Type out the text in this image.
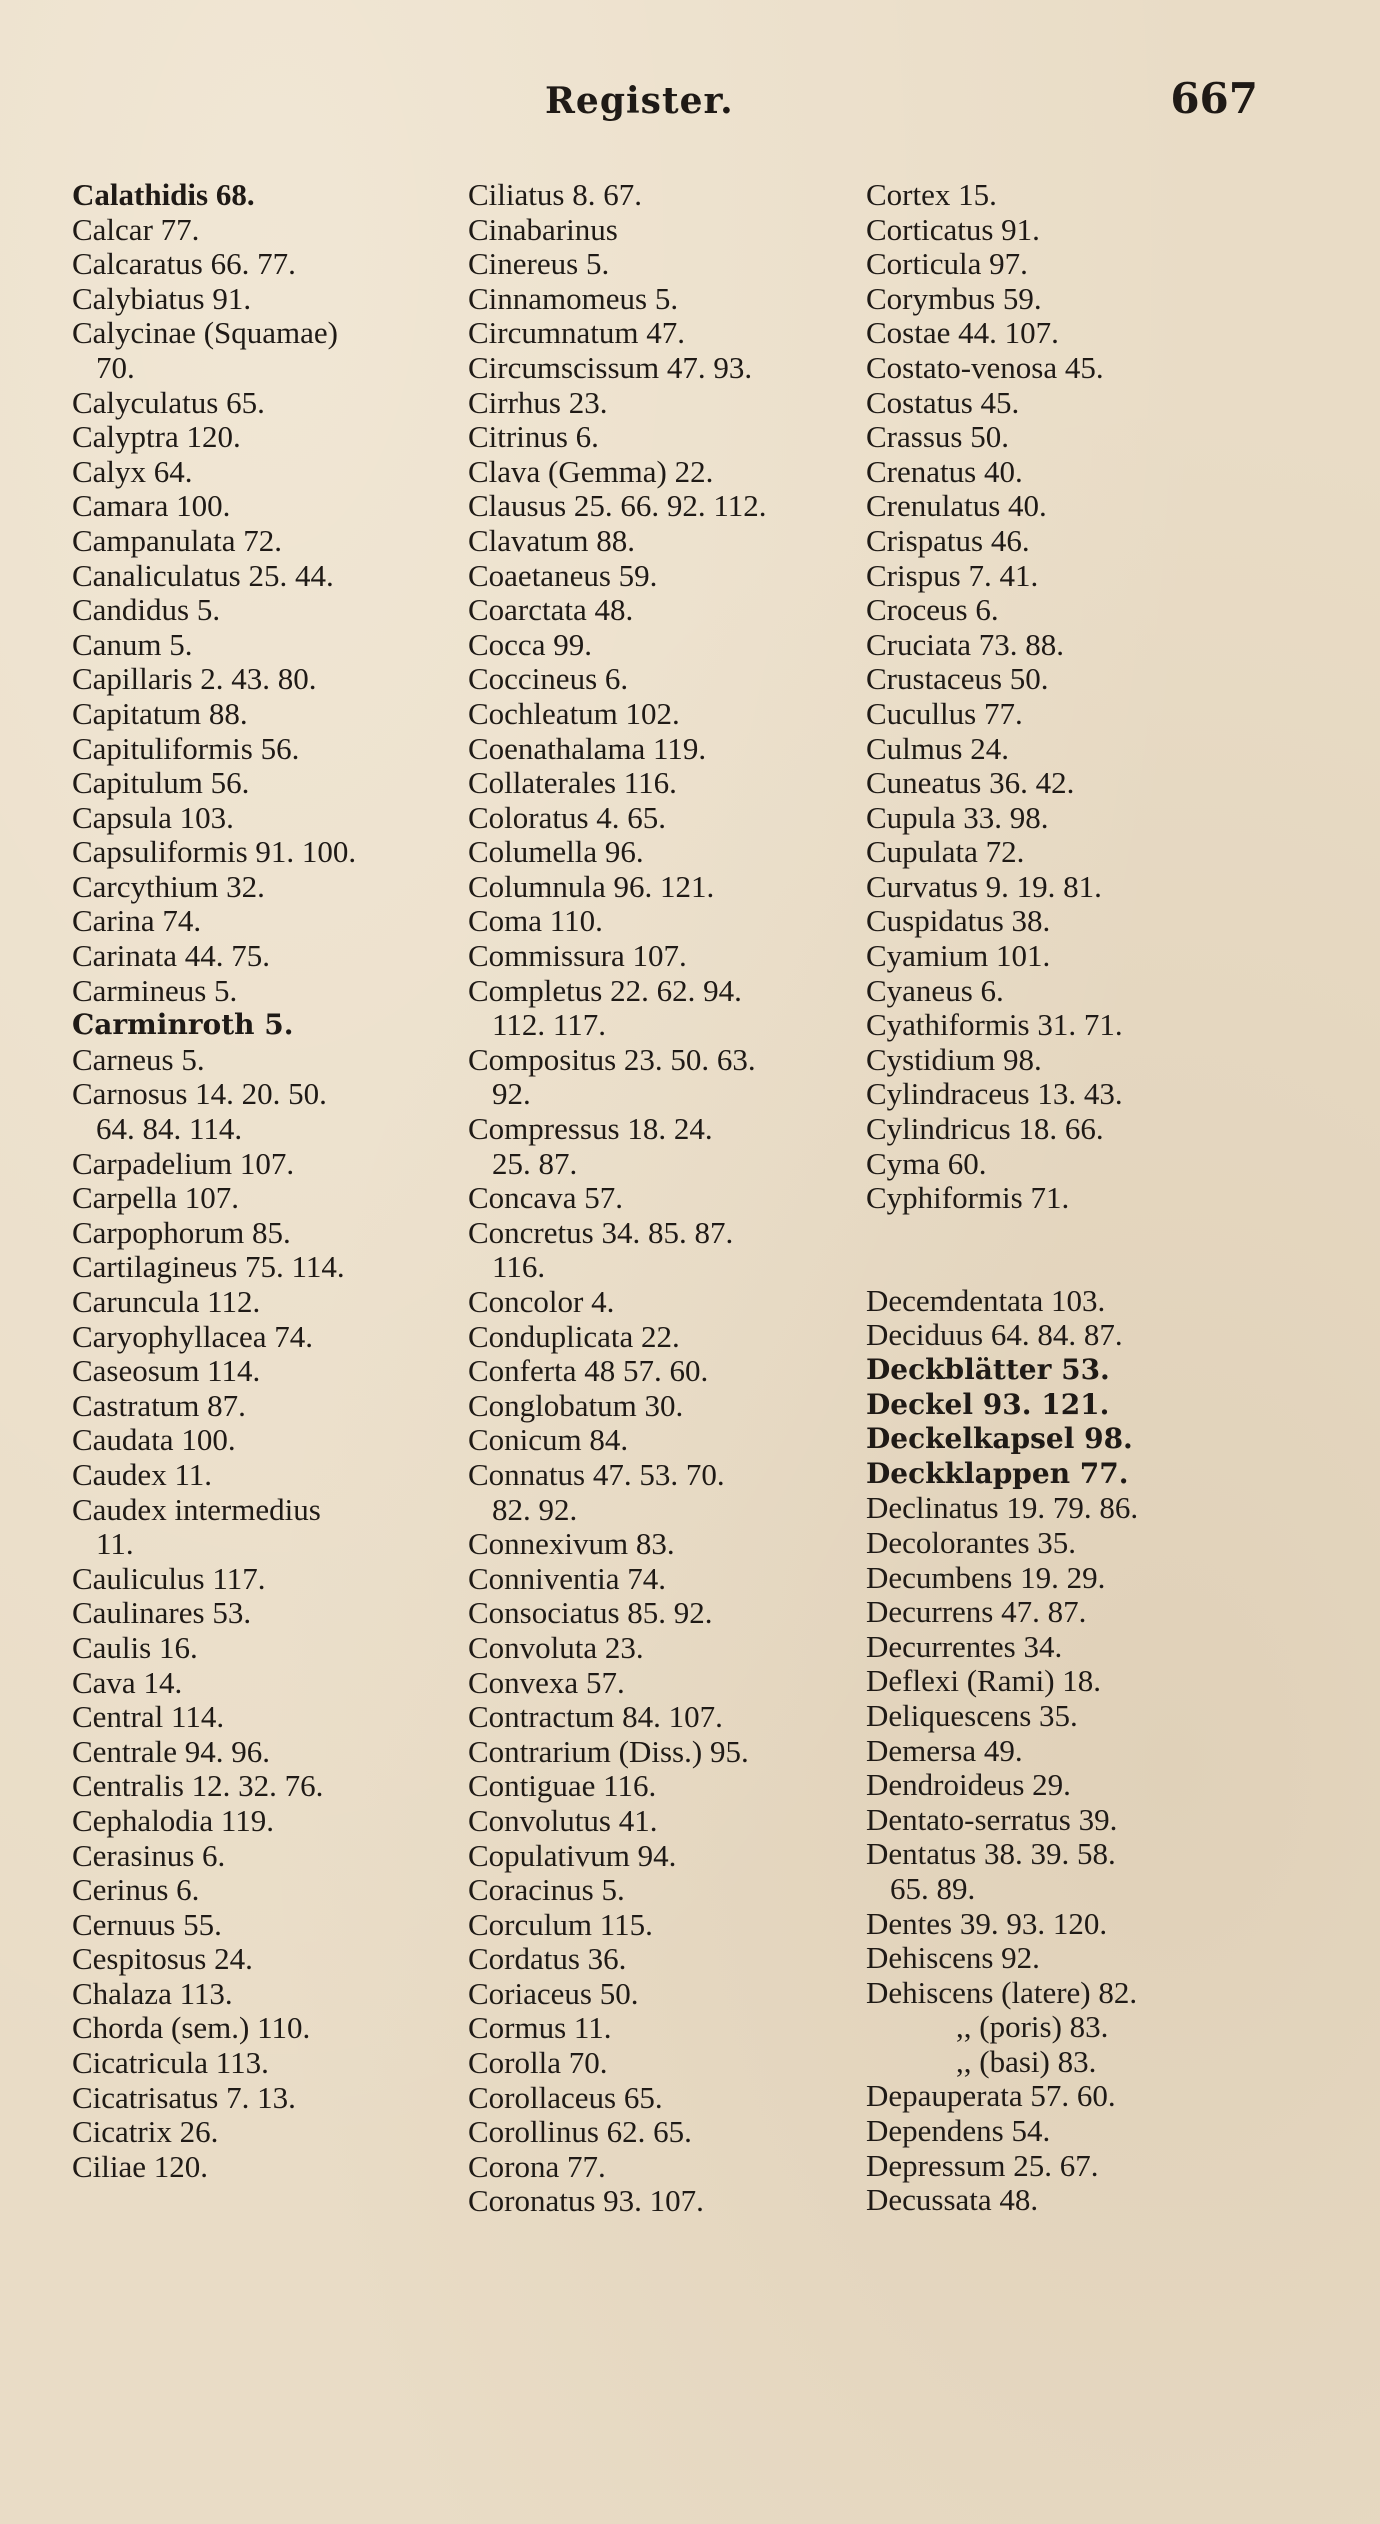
Register.	667
Calathidis 68.
Calcar 77.
Calcaratus 66. 77.
Calybiatus 91.
Calycinae (Squamae)
70.
Calyculatus 65.
Calyptra 120.
Calyx 64.
Camara 100.
Campanulata 72.
Canaliculatus 25. 44.
Candidus 5.
Canum 5.
Capillaris 2. 43. 80.
Capitatum 88.
Capituliformis 56.
Capitulum 56.
Capsula 103.
Capsuliformis 91. 100.
Carcythium 32.
Carina 74.
Carinata 44. 75.
Carmineus 5.
Carminroth 5.
Carneus 5.
Carnosus 14. 20. 50.
64. 84. 114.
Carpadelium 107.
Carpella 107.
Carpophorum 85.
Cartilagineus 75. 114.
Caruncula 112.
Caryophyllacea 74.
Caseosum 114.
Castratum 87.
Caudata 100.
Caudex 11.
Caudex intermedius
11.
Cauliculus 117.
Caulinares 53.
Caulis 16.
Cava 14.
Central 114.
Centrale 94. 96.
Centralis 12. 32. 76.
Cephalodia 119.
Cerasinus 6.
Cerinus 6.
Cernuus 55.
Cespitosus 24.
Chalaza 113.
Chorda (sem.) 110.
Cicatricula 113.
Cicatrisatus 7. 13.
Cicatrix 26.
Ciliae 120.
Ciliatus 8. 67.
Cinabarinus
Cinereus 5.
Cinnamomeus 5.
Circumnatum 47.
Circumscissum 47. 93.
Cirrhus 23.
Citrinus 6.
Clava (Gemma) 22.
Clausus 25. 66. 92. 112.
Clavatum 88.
Coaetaneus 59.
Coarctata 48.
Cocca 99.
Coccineus 6.
Cochleatum 102.
Coenathalama 119.
Collaterales 116.
Coloratus 4. 65.
Columella 96.
Columnula 96. 121.
Coma 110.
Commissura 107.
Completus 22. 62. 94.
112. 117.
Compositus 23. 50. 63.
92.
Compressus 18. 24.
25. 87.
Concava 57.
Concretus 34. 85. 87.
116.
Concolor 4.
Conduplicata 22.
Conferta 48 57. 60.
Conglobatum 30.
Conicum 84.
Connatus 47. 53. 70.
82. 92.
Connexivum 83.
Conniventia 74.
Consociatus 85. 92.
Convoluta 23.
Convexa 57.
Contractum 84. 107.
Contrarium (Diss.) 95.
Contiguae 116.
Convolutus 41.
Copulativum 94.
Coracinus 5.
Corculum 115.
Cordatus 36.
Coriaceus 50.
Cormus 11.
Corolla 70.
Corollaceus 65.
Corollinus 62. 65.
Corona 77.
Coronatus 93. 107.
Cortex 15.
Corticatus 91.
Corticula 97.
Corymbus 59.
Costae 44. 107.
Costato-venosa 45.
Costatus 45.
Crassus 50.
Crenatus 40.
Crenulatus 40.
Crispatus 46.
Crispus 7. 41.
Croceus 6.
Cruciata 73. 88.
Crustaceus 50.
Cucullus 77.
Culmus 24.
Cuneatus 36. 42.
Cupula 33. 98.
Cupulata 72.
Curvatus 9. 19. 81.
Cuspidatus 38.
Cyamium 101.
Cyaneus 6.
Cyathiformis 31. 71.
Cystidium 98.
Cylindraceus 13. 43.
Cylindricus 18. 66.
Cyma 60.
Cyphiformis 71.
Decemdentata 103.
Deciduus 64. 84. 87.
Deckblätter 53.
Deckel 93. 121.
Deckelkapsel 98.
Deckklappen 77.
Declinatus 19. 79. 86.
Decolorantes 35.
Decumbens 19. 29.
Decurrens 47. 87.
Decurrentes 34.
Deflexi (Rami) 18.
Deliquescens 35.
Demersa 49.
Dendroideus 29.
Dentato-serratus 39.
Dentatus 38. 39. 58.
65. 89.
Dentes 39. 93. 120.
Dehiscens 92.
Dehiscens (latere) 82.
,, (poris) 83.
,, (basi) 83.
Depauperata 57. 60.
Dependens 54.
Depressum 25. 67.
Decussata 48.
